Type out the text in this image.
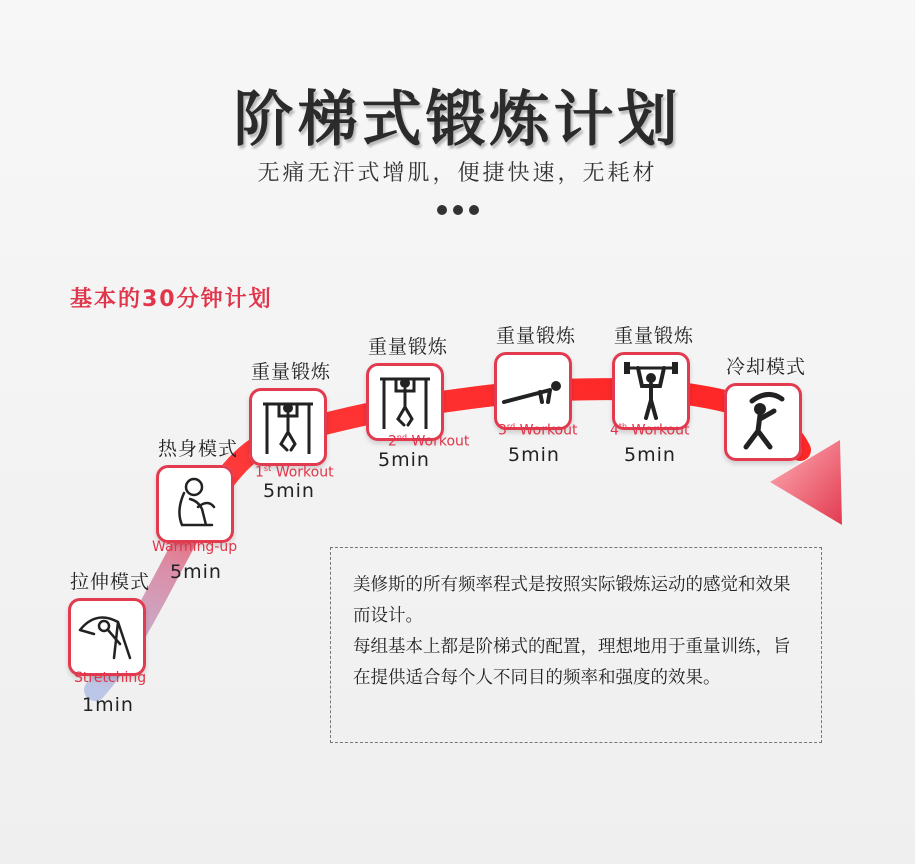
阶梯式锻炼计划
无痛无汗式增肌，便捷快速，无耗材
基本的30分钟计划
拉伸模式
Stretching
1min
热身模式
Warming-up
5min
重量锻炼
1st Workout
5min
重量锻炼
2nd Workout
5min
重量锻炼
3rd Workout
5min
重量锻炼
4th Workout
5min
冷却模式

美修斯的所有频率程式是按照实际锻炼运动的感觉和效果而设计。

每组基本上都是阶梯式的配置，理想地用于重量训练，旨在提供适合每个人不同目的频率和强度的效果。
